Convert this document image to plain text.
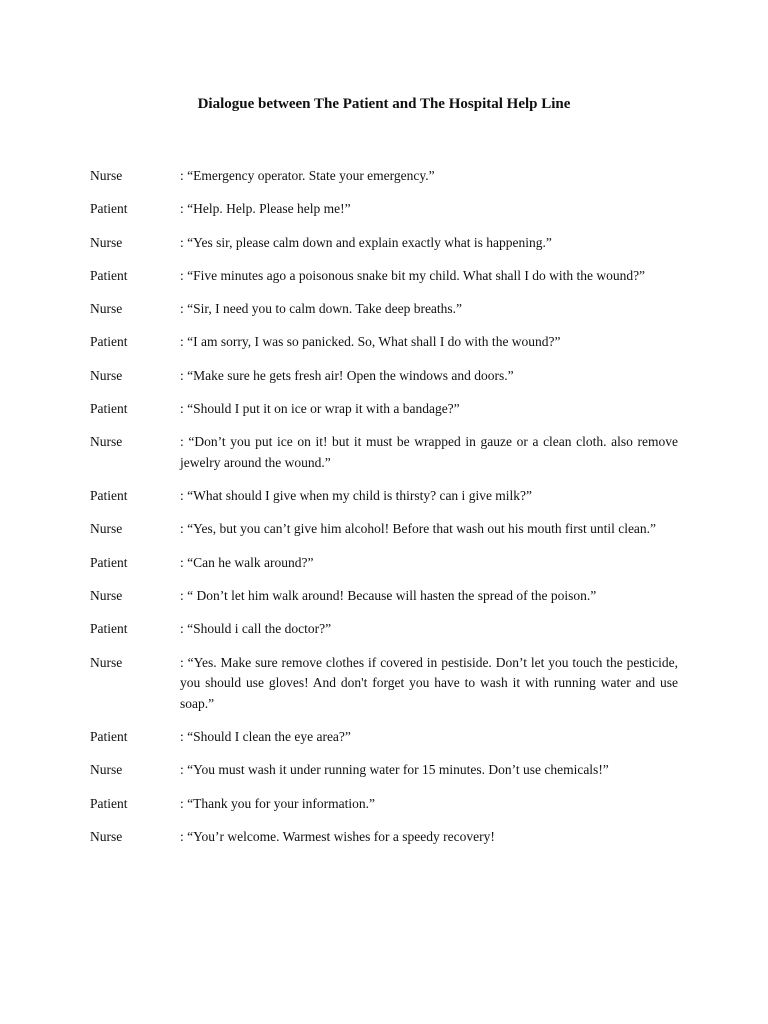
Dialogue between The Patient and The Hospital Help Line
Nurse	: “Emergency operator. State your emergency.”
Patient	: “Help. Help. Please help me!”
Nurse	: “Yes sir, please calm down and explain exactly what is happening.”
Patient	: “Five minutes ago a poisonous snake bit my child. What shall I do with the wound?”
Nurse	: “Sir, I need you to calm down. Take deep breaths.”
Patient	: “I am sorry, I was so panicked. So, What shall I do with the wound?”
Nurse	: “Make sure he gets fresh air! Open the windows and doors.”
Patient	: “Should I put it on ice or wrap it with a bandage?”
Nurse	: “Don’t you put ice on it! but it must be wrapped in gauze or a clean cloth. also remove jewelry around the wound.”
Patient	: “What should I give when my child is thirsty? can i give milk?”
Nurse	: “Yes, but you can’t give him alcohol! Before that wash out his mouth first until clean.”
Patient	: “Can he walk around?”
Nurse	: “ Don’t let him walk around! Because will hasten the spread of the poison.”
Patient	: “Should i call the doctor?”
Nurse	: “Yes. Make sure remove clothes if covered in pestiside. Don’t let you touch the pesticide, you should use gloves! And don't forget you have to wash it with running water and use soap.”
Patient	: “Should I clean the eye area?”
Nurse	: “You must wash it under running water for 15 minutes. Don’t use chemicals!”
Patient	: “Thank you for your information.”
Nurse	: “You’r welcome. Warmest wishes for a speedy recovery!
